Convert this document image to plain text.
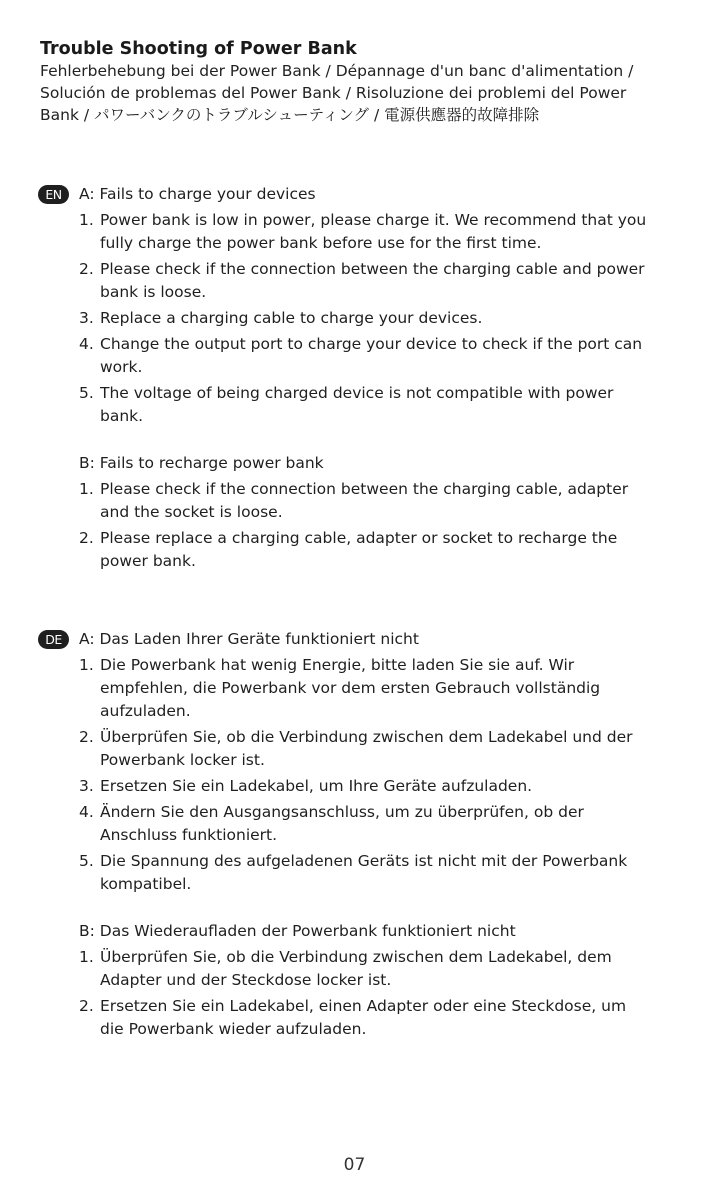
Trouble Shooting of Power Bank

Fehlerbehebung bei der Power Bank / Dépannage d'un banc d'alimentation /

Solución de problemas del Power Bank / Risoluzione dei problemi del Power

Bank / パワーバンクのトラブルシューティング / 電源供應器的故障排除

EN	A: Fails to charge your devices

1. Power bank is low in power, please charge it. We recommend that you
fully charge the power bank before use for the first time.
2. Please check if the connection between the charging cable and power
bank is loose.
3. Replace a charging cable to charge your devices.
4. Change the output port to charge your device to check if the port can
work.
5. The voltage of being charged device is not compatible with power
bank.

B: Fails to recharge power bank

1. Please check if the connection between the charging cable, adapter
and the socket is loose.
2. Please replace a charging cable, adapter or socket to recharge the
power bank.
DE	A: Das Laden Ihrer Geräte funktioniert nicht

1. Die Powerbank hat wenig Energie, bitte laden Sie sie auf. Wir
empfehlen, die Powerbank vor dem ersten Gebrauch vollständig
aufzuladen.
2. Überprüfen Sie, ob die Verbindung zwischen dem Ladekabel und der
Powerbank locker ist.
3. Ersetzen Sie ein Ladekabel, um Ihre Geräte aufzuladen.
4. Ändern Sie den Ausgangsanschluss, um zu überprüfen, ob der
Anschluss funktioniert.
5. Die Spannung des aufgeladenen Geräts ist nicht mit der Powerbank
kompatibel.

B: Das Wiederaufladen der Powerbank funktioniert nicht

1. Überprüfen Sie, ob die Verbindung zwischen dem Ladekabel, dem
Adapter und der Steckdose locker ist.
2. Ersetzen Sie ein Ladekabel, einen Adapter oder eine Steckdose, um
die Powerbank wieder aufzuladen.
07
